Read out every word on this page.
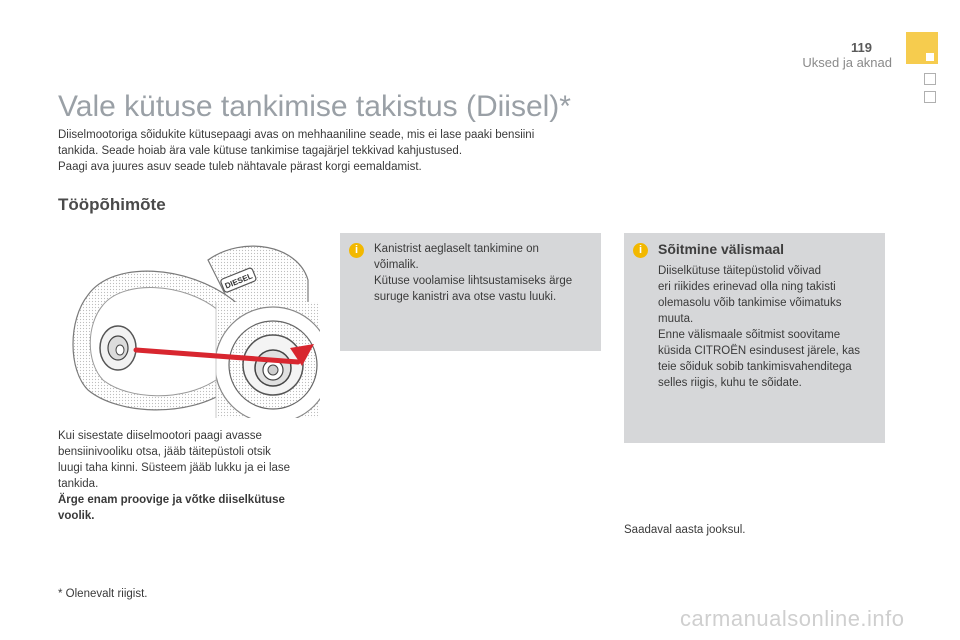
119
Uksed ja aknad
Vale kütuse tankimise takistus (Diisel)*

Diiselmootoriga sõidukite kütusepaagi avas on mehhaaniline seade, mis ei lase paaki bensiini

tankida. Seade hoiab ära vale kütuse tankimise tagajärjel tekkivad kahjustused.

Paagi ava juures asuv seade tuleb nähtavale pärast korgi eemaldamist.

Tööpõhimõte
DIESEL

Kui sisestate diiselmootori paagi avasse

bensiinivooliku otsa, jääb täitepüstoli otsik

luugi taha kinni. Süsteem jääb lukku ja ei lase

tankida.

Ärge enam proovige ja võtke diiselkütuse

voolik.

i	Kanistrist aeglaselt tankimine on

võimalik.

Kütuse voolamise lihtsustamiseks ärge

suruge kanistri ava otse vastu luuki.

i	Sõitmine välismaal

Diiselkütuse täitepüstolid võivad

eri riikides erinevad olla ning takisti

olemasolu võib tankimise võimatuks

muuta.

Enne välismaale sõitmist soovitame

küsida CITROËN esindusest järele, kas

teie sõiduk sobib tankimisvahenditega

selles riigis, kuhu te sõidate.

Saadaval aasta jooksul.
* Olenevalt riigist.
carmanualsonline.info
